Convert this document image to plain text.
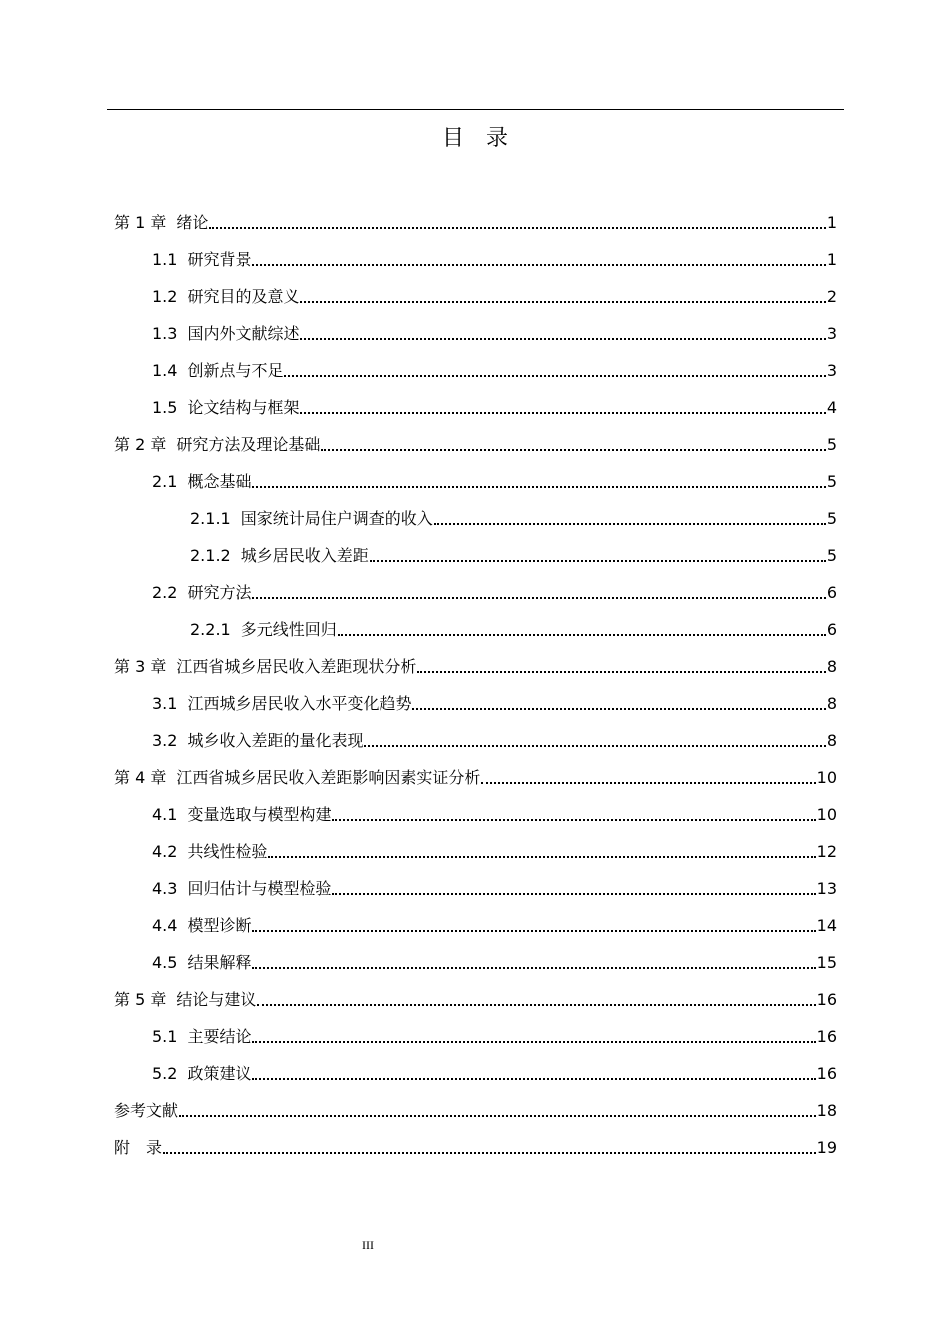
目录
第 1 章 绪论	1
1.1 研究背景	1
1.2 研究目的及意义	2
1.3 国内外文献综述	3
1.4 创新点与不足	3
1.5 论文结构与框架	4
第 2 章 研究方法及理论基础	5
2.1 概念基础	5
2.1.1 国家统计局住户调查的收入	5
2.1.2 城乡居民收入差距	5
2.2 研究方法	6
2.2.1 多元线性回归	6
第 3 章 江西省城乡居民收入差距现状分析	8
3.1 江西城乡居民收入水平变化趋势	8
3.2 城乡收入差距的量化表现	8
第 4 章 江西省城乡居民收入差距影响因素实证分析	10
4.1 变量选取与模型构建	10
4.2 共线性检验	12
4.3 回归估计与模型检验	13
4.4 模型诊断	14
4.5 结果解释	15
第 5 章 结论与建议	16
5.1 主要结论	16
5.2 政策建议	16
参考文献	18
附　录	19
III
